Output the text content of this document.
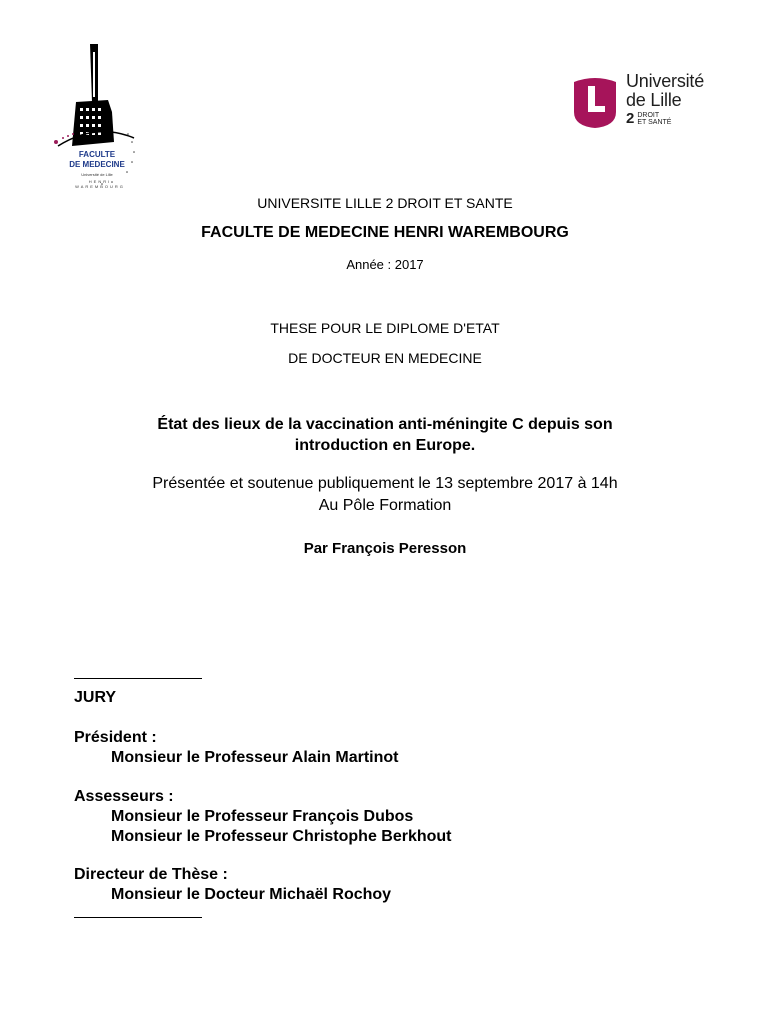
FACULTE
DE MEDECINE
Université de Lille
HENRI WAREMBOURG
Université
de Lille
2 DROIT
ET SANTÉ
UNIVERSITE LILLE 2 DROIT ET SANTE
FACULTE DE MEDECINE HENRI WAREMBOURG
Année : 2017
THESE POUR LE DIPLOME D'ETAT
DE DOCTEUR EN MEDECINE
État des lieux de la vaccination anti-méningite C depuis son
introduction en Europe.
Présentée et soutenue publiquement le 13 septembre 2017 à 14h
Au Pôle Formation
Par François Peresson
JURY
Président :
Monsieur le Professeur Alain Martinot
Assesseurs :
Monsieur le Professeur François Dubos
Monsieur le Professeur Christophe Berkhout
Directeur de Thèse :
Monsieur le Docteur Michaël Rochoy
